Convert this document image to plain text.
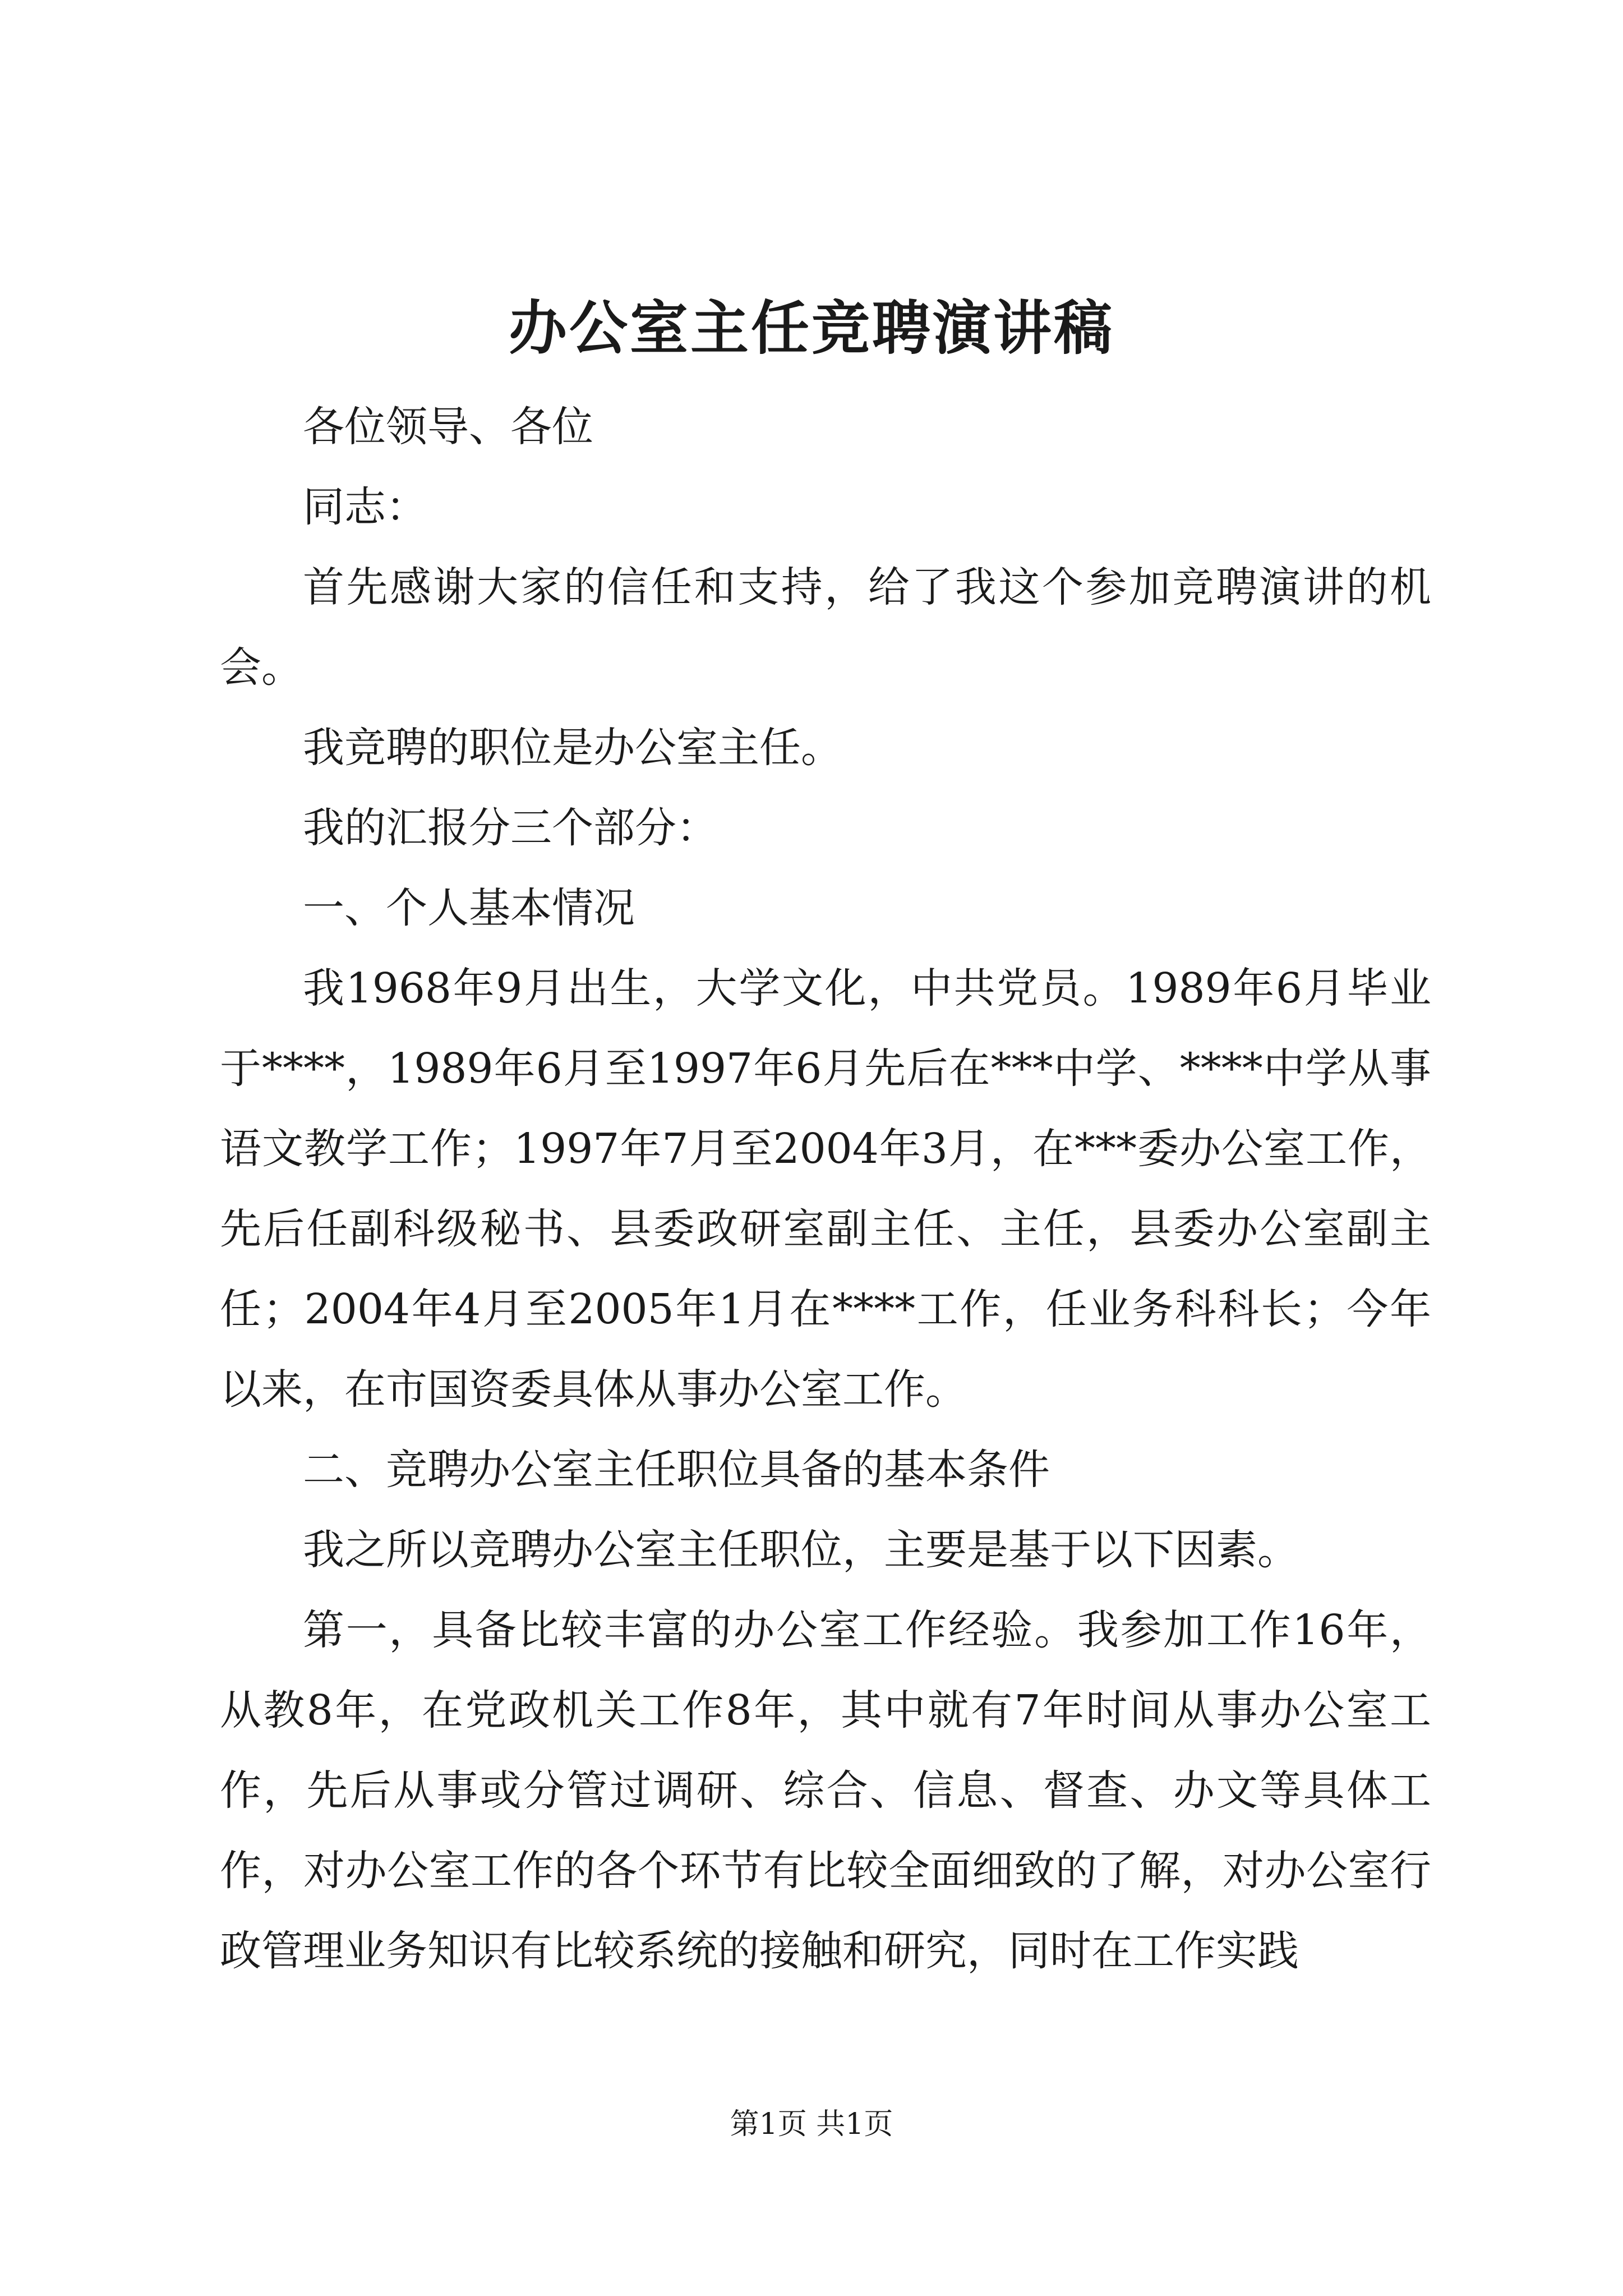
办公室主任竞聘演讲稿

各位领导、各位

同志：

首先感谢大家的信任和支持，给了我这个参加竞聘演讲的机会。

我竞聘的职位是办公室主任。

我的汇报分三个部分：

一、个人基本情况

我1968年9月出生，大学文化，中共党员。1989年6月毕业于****，1989年6月至1997年6月先后在***中学、****中学从事语文教学工作；1997年7月至2004年3月，在***委办公室工作，先后任副科级秘书、县委政研室副主任、主任，县委办公室副主任；2004年4月至2005年1月在****工作，任业务科科长；今年以来，在市国资委具体从事办公室工作。

二、竞聘办公室主任职位具备的基本条件

我之所以竞聘办公室主任职位，主要是基于以下因素。

第一，具备比较丰富的办公室工作经验。我参加工作16年，从教8年，在党政机关工作8年，其中就有7年时间从事办公室工作，先后从事或分管过调研、综合、信息、督查、办文等具体工作，对办公室工作的各个环节有比较全面细致的了解，对办公室行政管理业务知识有比较系统的接触和研究，同时在工作实践

第1页 共1页
